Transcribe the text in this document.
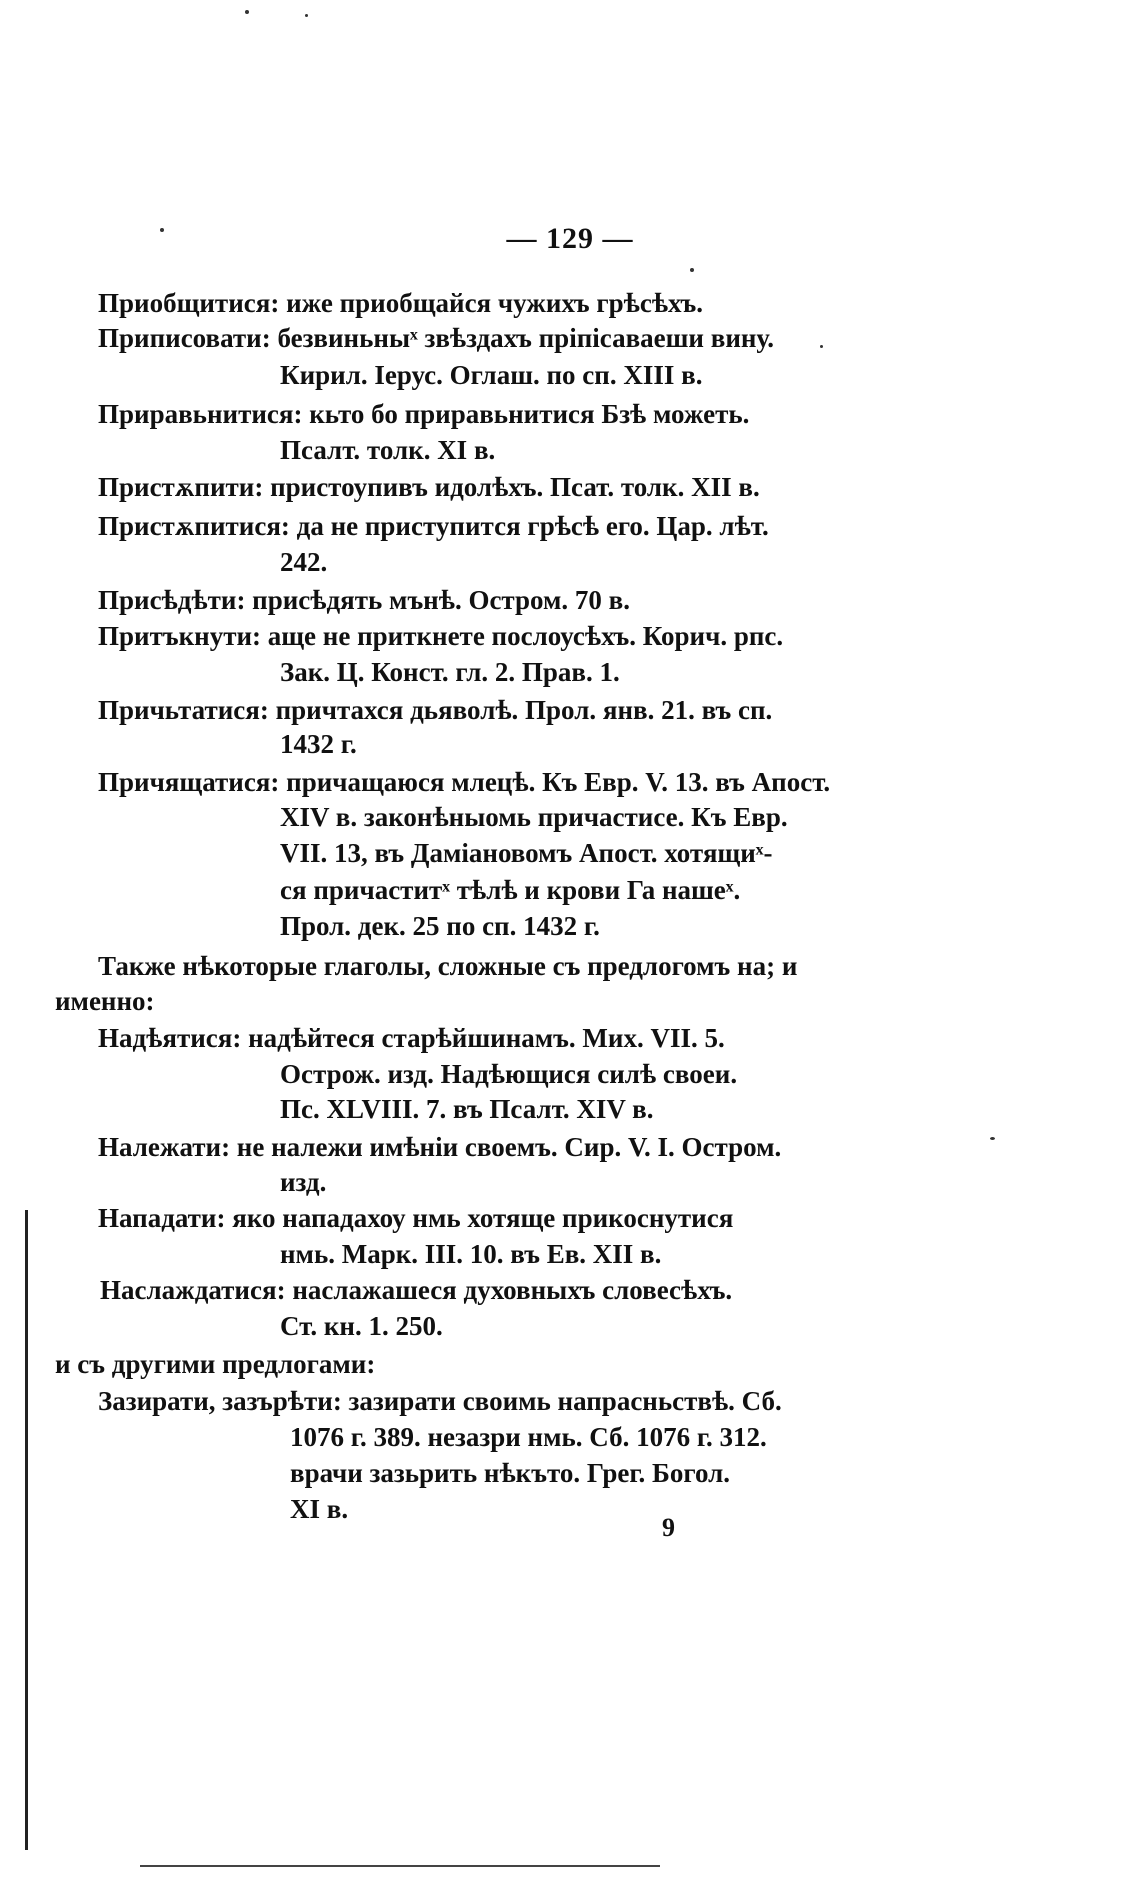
— 129 —
Приобщитися: иже приобщайся чужихъ грѣсѣхъ.
Приписовати: безвиньныˣ звѣздахъ пріпісаваеши вину.
Кирил. Іерус. Оглаш. по сп. XIII в.
Приравьнитися: кьто бо приравьнитися Бзѣ можеть.
Псалт. толк. XI в.
Пристѫпити: пристоупивъ идолѣхъ. Псат. толк. XII в.
Пристѫпитися: да не приступится грѣсѣ его. Цар. лѣт.
242.
Присѣдѣти: присѣдять мънѣ. Остром. 70 в.
Притъкнути: аще не приткнете послоусѣхъ. Корич. рпс.
Зак. Ц. Конст. гл. 2. Прав. 1.
Причьтатися: причтахся дьяволѣ. Прол. янв. 21. въ сп.
1432 г.
Причящатися: причащаюся млецѣ. Къ Евр. V. 13. въ Апост.
XIV в. законѣныомь причастисе. Къ Евр.
VII. 13, въ Дамiановомъ Апост. хотящиˣ-
ся причаститˣ тѣлѣ и крови Га нашеˣ.
Прол. дек. 25 по сп. 1432 г.
Также нѣкоторые глаголы, сложные съ предлогомъ на; и
именно:
Надѣятися: надѣйтеся старѣйшинамъ. Мих. VII. 5.
Острож. изд. Надѣющися силѣ своеи.
Пс. XLVIII. 7. въ Псалт. XIV в.
Належати: не належи имѣніи своемъ. Сир. V. I. Остром.
изд.
Нападати: яко нападахоу нмь хотяще прикоснутися
нмь. Марк. III. 10. въ Ев. XII в.
Наслаждатися: наслажашеся духовныхъ словесѣхъ.
Ст. кн. 1. 250.
и съ другими предлогами:
Зазирати, зазърѣти: зазирати своимь напрасньствѣ. Сб.
1076 г. 389. незазри нмь. Сб. 1076 г. 312.
врачи зазьрить нѣкъто. Грег. Богол.
XI в.
9
